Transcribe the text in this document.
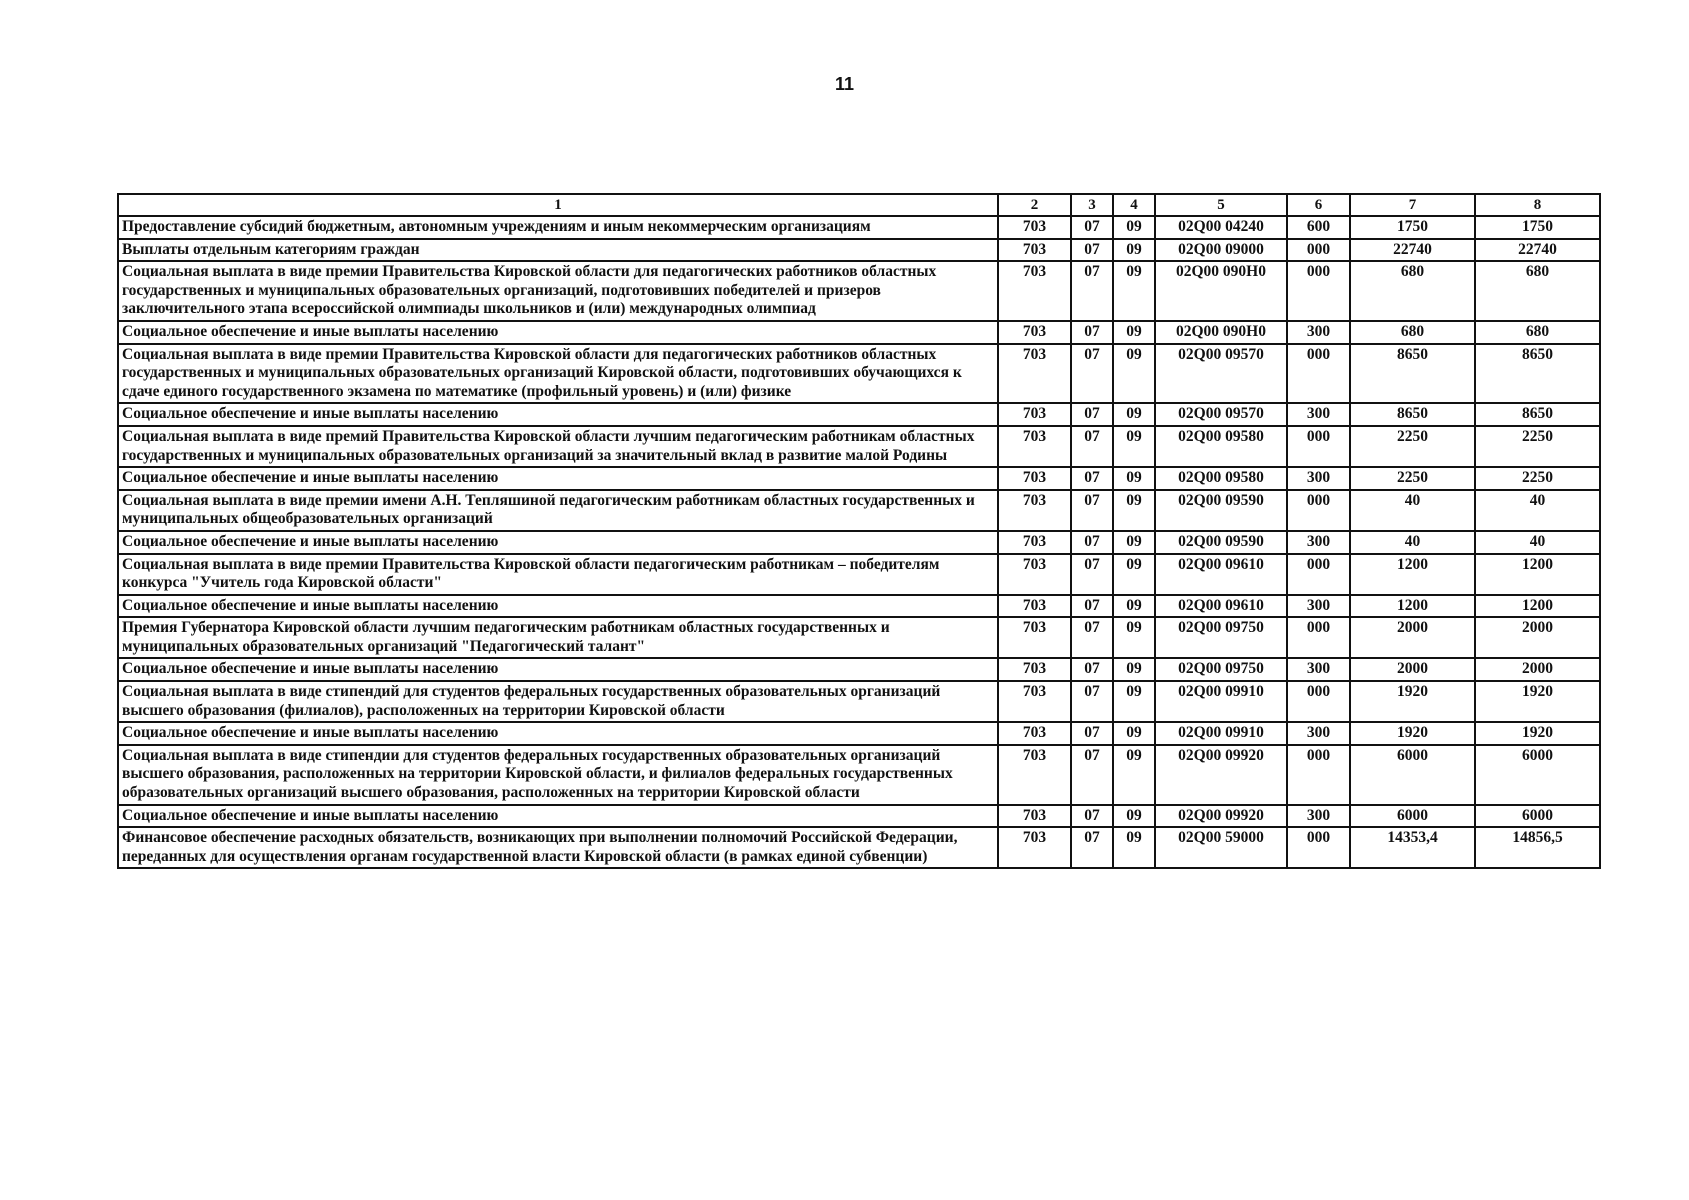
11
1	2	3	4	5	6	7	8
Предоставление субсидий бюджетным, автономным учреждениям и иным некоммерческим организациям	703	07	09	02Q00 04240	600	1750	1750
Выплаты отдельным категориям граждан	703	07	09	02Q00 09000	000	22740	22740
Социальная выплата в виде премии Правительства Кировской области для педагогических работников областных государственных и муниципальных образовательных организаций, подготовивших победителей и призеров заключительного этапа всероссийской олимпиады школьников и (или) международных олимпиад	703	07	09	02Q00 090H0	000	680	680
Социальное обеспечение и иные выплаты населению	703	07	09	02Q00 090H0	300	680	680
Социальная выплата в виде премии Правительства Кировской области для педагогических работников областных государственных и муниципальных образовательных организаций Кировской области, подготовивших обучающихся к сдаче единого государственного экзамена по математике (профильный уровень) и (или) физике	703	07	09	02Q00 09570	000	8650	8650
Социальное обеспечение и иные выплаты населению	703	07	09	02Q00 09570	300	8650	8650
Социальная выплата в виде премий Правительства Кировской области лучшим педагогическим работникам областных государственных и муниципальных образовательных организаций за значительный вклад в развитие малой Родины	703	07	09	02Q00 09580	000	2250	2250
Социальное обеспечение и иные выплаты населению	703	07	09	02Q00 09580	300	2250	2250
Социальная выплата в виде премии имени А.Н. Тепляшиной педагогическим работникам областных государственных и муниципальных общеобразовательных организаций	703	07	09	02Q00 09590	000	40	40
Социальное обеспечение и иные выплаты населению	703	07	09	02Q00 09590	300	40	40
Социальная выплата в виде премии Правительства Кировской области педагогическим работникам – победителям конкурса "Учитель года Кировской области"	703	07	09	02Q00 09610	000	1200	1200
Социальное обеспечение и иные выплаты населению	703	07	09	02Q00 09610	300	1200	1200
Премия Губернатора Кировской области лучшим педагогическим работникам областных государственных и муниципальных образовательных организаций "Педагогический талант"	703	07	09	02Q00 09750	000	2000	2000
Социальное обеспечение и иные выплаты населению	703	07	09	02Q00 09750	300	2000	2000
Социальная выплата в виде стипендий для студентов федеральных государственных образовательных организаций высшего образования (филиалов), расположенных на территории Кировской области	703	07	09	02Q00 09910	000	1920	1920
Социальное обеспечение и иные выплаты населению	703	07	09	02Q00 09910	300	1920	1920
Социальная выплата в виде стипендии для студентов федеральных государственных образовательных организаций высшего образования, расположенных на территории Кировской области, и филиалов федеральных государственных образовательных организаций высшего образования, расположенных на территории Кировской области	703	07	09	02Q00 09920	000	6000	6000
Социальное обеспечение и иные выплаты населению	703	07	09	02Q00 09920	300	6000	6000
Финансовое обеспечение расходных обязательств, возникающих при выполнении полномочий Российской Федерации, переданных для осуществления органам государственной власти Кировской области (в рамках единой субвенции)	703	07	09	02Q00 59000	000	14353,4	14856,5
